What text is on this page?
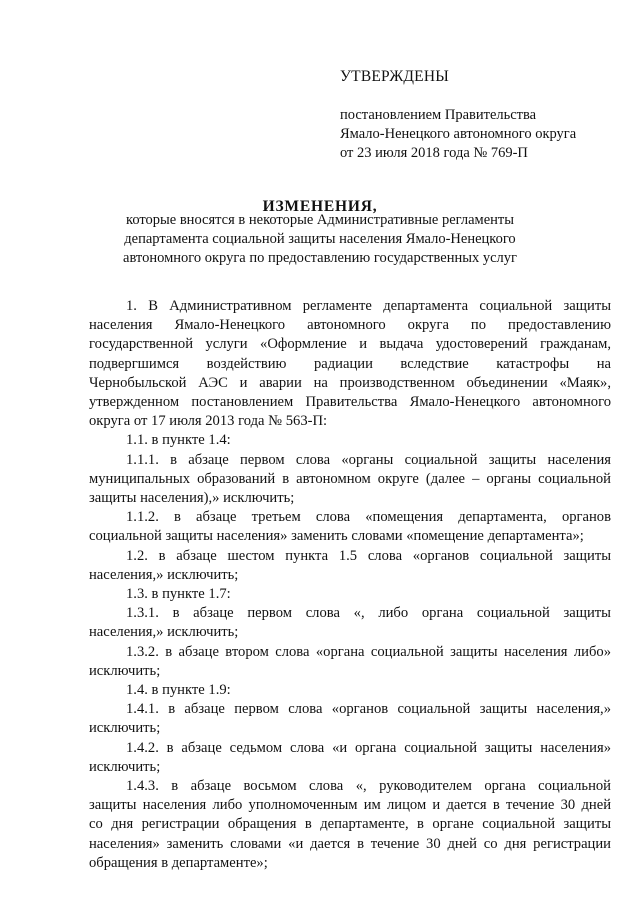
УТВЕРЖДЕНЫ
постановлением Правительства
Ямало-Ненецкого автономного округа
от 23 июля 2018 года № 769-П
ИЗМЕНЕНИЯ,
которые вносятся в некоторые Административные регламенты
департамента социальной защиты населения Ямало-Ненецкого
автономного округа по предоставлению государственных услуг

1. В Административном регламенте департамента социальной защиты
населения Ямало-Ненецкого автономного округа по предоставлению
государственной услуги «Оформление и выдача удостоверений гражданам,
подвергшимся воздействию радиации вследствие катастрофы на
Чернобыльской АЭС и аварии на производственном объединении «Маяк»,
утвержденном постановлением Правительства Ямало-Ненецкого автономного
округа от 17 июля 2013 года № 563-П:

1.1. в пункте 1.4:

1.1.1. в абзаце первом слова «органы социальной защиты населения
муниципальных образований в автономном округе (далее – органы социальной
защиты населения),» исключить;

1.1.2. в абзаце третьем слова «помещения департамента, органов
социальной защиты населения» заменить словами «помещение департамента»;

1.2. в абзаце шестом пункта 1.5 слова «органов социальной защиты
населения,» исключить;

1.3. в пункте 1.7:

1.3.1. в абзаце первом слова «, либо органа социальной защиты
населения,» исключить;

1.3.2. в абзаце втором слова «органа социальной защиты населения либо»
исключить;

1.4. в пункте 1.9:

1.4.1. в абзаце первом слова «органов социальной защиты населения,»
исключить;

1.4.2. в абзаце седьмом слова «и органа социальной защиты населения»
исключить;

1.4.3. в абзаце восьмом слова «, руководителем органа социальной
защиты населения либо уполномоченным им лицом и дается в течение 30 дней
со дня регистрации обращения в департаменте, в органе социальной защиты
населения» заменить словами «и дается в течение 30 дней со дня регистрации
обращения в департаменте»;
